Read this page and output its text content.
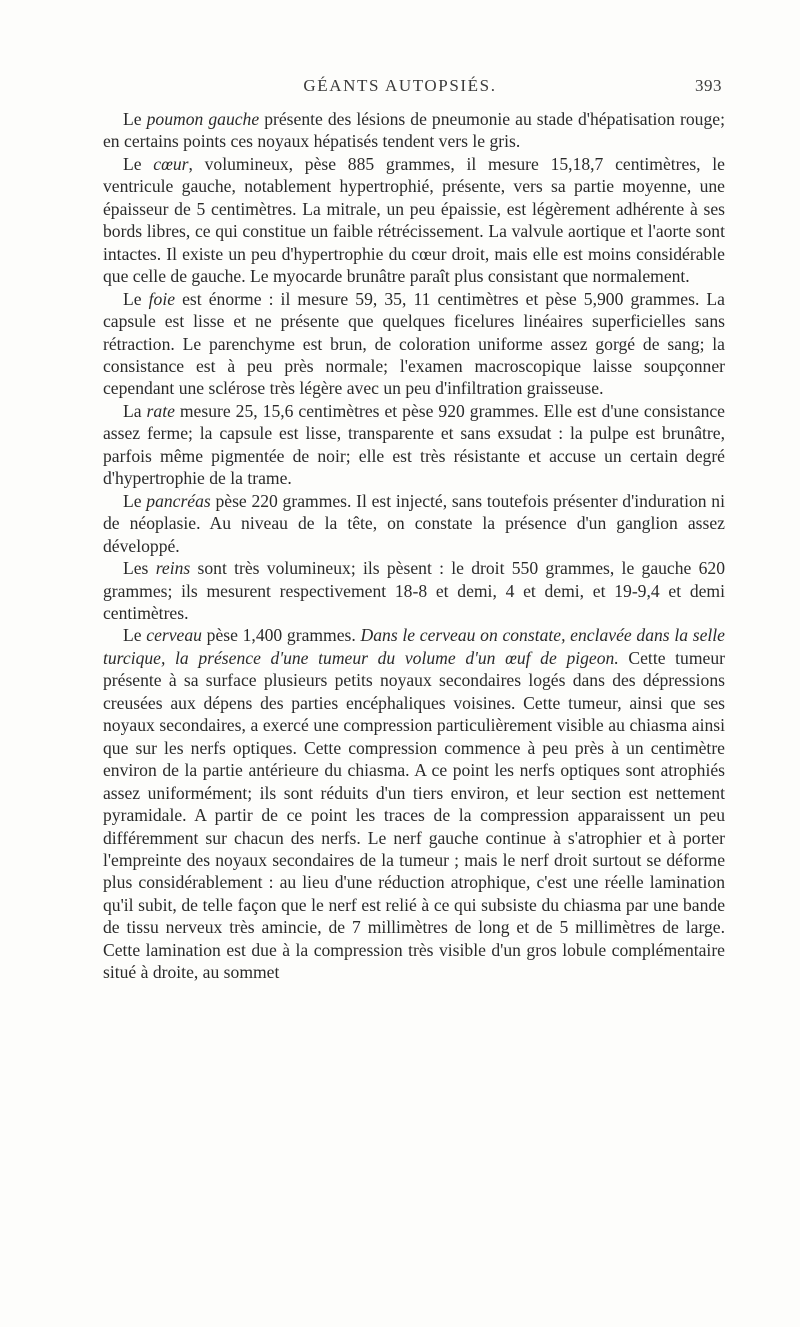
GÉANTS AUTOPSIÉS.	393

Le poumon gauche présente des lésions de pneumonie au stade d'hépatisation rouge; en certains points ces noyaux hépatisés tendent vers le gris.

Le cœur, volumineux, pèse 885 grammes, il mesure 15,18,7 centimètres, le ventricule gauche, notablement hypertrophié, présente, vers sa partie moyenne, une épaisseur de 5 centimètres. La mitrale, un peu épaissie, est légèrement adhérente à ses bords libres, ce qui constitue un faible rétrécissement. La valvule aortique et l'aorte sont intactes. Il existe un peu d'hypertrophie du cœur droit, mais elle est moins considérable que celle de gauche. Le myocarde brunâtre paraît plus consistant que normalement.

Le foie est énorme : il mesure 59, 35, 11 centimètres et pèse 5,900 grammes. La capsule est lisse et ne présente que quelques ficelures linéaires superficielles sans rétraction. Le parenchyme est brun, de coloration uniforme assez gorgé de sang; la consistance est à peu près normale; l'examen macroscopique laisse soupçonner cependant une sclérose très légère avec un peu d'infiltration graisseuse.

La rate mesure 25, 15,6 centimètres et pèse 920 grammes. Elle est d'une consistance assez ferme; la capsule est lisse, transparente et sans exsudat : la pulpe est brunâtre, parfois même pigmentée de noir; elle est très résistante et accuse un certain degré d'hypertrophie de la trame.

Le pancréas pèse 220 grammes. Il est injecté, sans toutefois présenter d'induration ni de néoplasie. Au niveau de la tête, on constate la présence d'un ganglion assez développé.

Les reins sont très volumineux; ils pèsent : le droit 550 grammes, le gauche 620 grammes; ils mesurent respectivement 18-8 et demi, 4 et demi, et 19-9,4 et demi centimètres.

Le cerveau pèse 1,400 grammes. Dans le cerveau on constate, enclavée dans la selle turcique, la présence d'une tumeur du volume d'un œuf de pigeon. Cette tumeur présente à sa surface plusieurs petits noyaux secondaires logés dans des dépressions creusées aux dépens des parties encéphaliques voisines. Cette tumeur, ainsi que ses noyaux secondaires, a exercé une compression particulièrement visible au chiasma ainsi que sur les nerfs optiques. Cette compression commence à peu près à un centimètre environ de la partie antérieure du chiasma. A ce point les nerfs optiques sont atrophiés assez uniformément; ils sont réduits d'un tiers environ, et leur section est nettement pyramidale. A partir de ce point les traces de la compression apparaissent un peu différemment sur chacun des nerfs. Le nerf gauche continue à s'atrophier et à porter l'empreinte des noyaux secondaires de la tumeur ; mais le nerf droit surtout se déforme plus considérablement : au lieu d'une réduction atrophique, c'est une réelle lamination qu'il subit, de telle façon que le nerf est relié à ce qui subsiste du chiasma par une bande de tissu nerveux très amincie, de 7 millimètres de long et de 5 millimètres de large. Cette lamination est due à la compression très visible d'un gros lobule complémentaire situé à droite, au sommet
